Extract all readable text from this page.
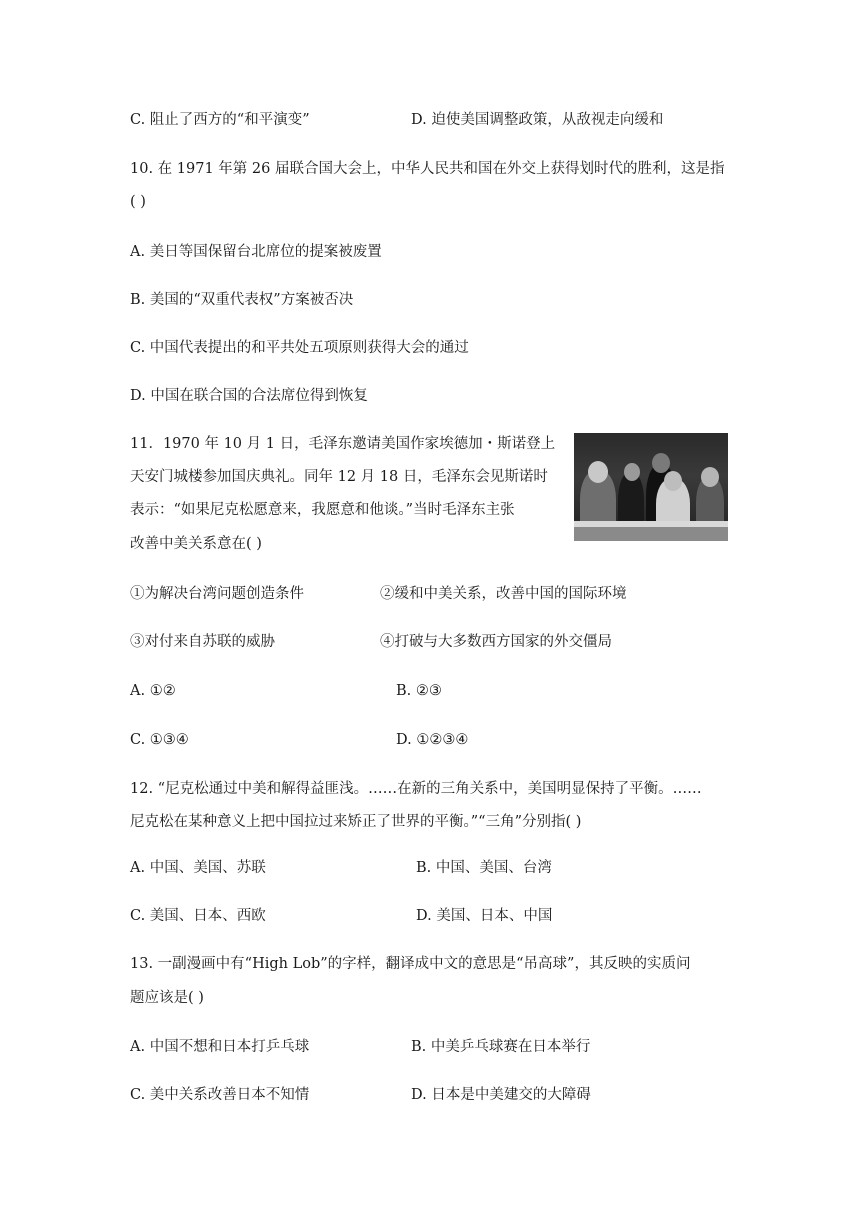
C. 阻止了西方的“和平演变”	D. 迫使美国调整政策，从敌视走向缓和
10. 在 1971 年第 26 届联合国大会上，中华人民共和国在外交上获得划时代的胜利，这是指
( )
A. 美日等国保留台北席位的提案被废置
B. 美国的“双重代表权”方案被否决
C. 中国代表提出的和平共处五项原则获得大会的通过
D. 中国在联合国的合法席位得到恢复
11．1970 年 10 月 1 日，毛泽东邀请美国作家埃德加・斯诺登上
天安门城楼参加国庆典礼。同年 12 月 18 日，毛泽东会见斯诺时
表示：“如果尼克松愿意来，我愿意和他谈。”当时毛泽东主张
改善中美关系意在( )
①为解决台湾问题创造条件	②缓和中美关系，改善中国的国际环境
③对付来自苏联的威胁	④打破与大多数西方国家的外交僵局
A. ①②	B. ②③
C. ①③④	D. ①②③④
12. “尼克松通过中美和解得益匪浅。……在新的三角关系中，美国明显保持了平衡。……
尼克松在某种意义上把中国拉过来矫正了世界的平衡。”“三角”分别指( )
A. 中国、美国、苏联	B. 中国、美国、台湾
C. 美国、日本、西欧	D. 美国、日本、中国
13. 一副漫画中有“High Lob”的字样，翻译成中文的意思是“吊高球”，其反映的实质问
题应该是( )
A. 中国不想和日本打乒乓球	B. 中美乒乓球赛在日本举行
C. 美中关系改善日本不知情	D. 日本是中美建交的大障碍
